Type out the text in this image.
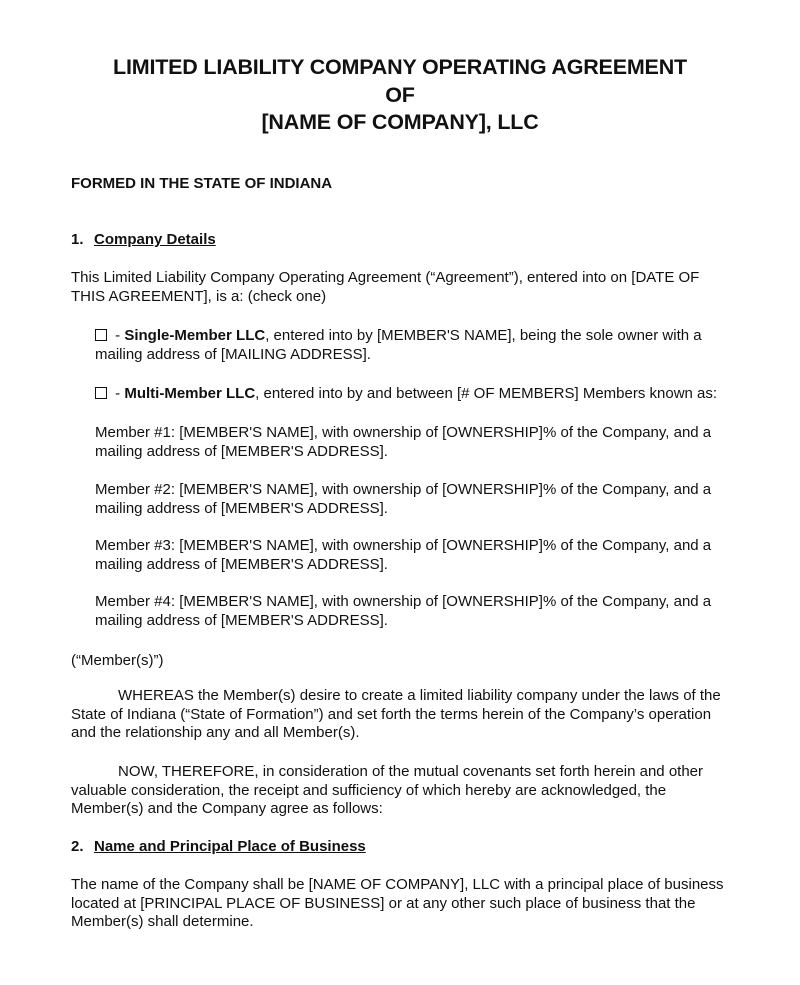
LIMITED LIABILITY COMPANY OPERATING AGREEMENT
OF
[NAME OF COMPANY], LLC
FORMED IN THE STATE OF INDIANA
1. Company Details

This Limited Liability Company Operating Agreement (“Agreement”), entered into on [DATE OF THIS AGREEMENT], is a: (check one)

- Single-Member LLC, entered into by [MEMBER'S NAME], being the sole owner with a mailing address of [MAILING ADDRESS].

- Multi-Member LLC, entered into by and between [# OF MEMBERS] Members known as:

Member #1: [MEMBER'S NAME], with ownership of [OWNERSHIP]% of the Company, and a mailing address of [MEMBER'S ADDRESS].

Member #2: [MEMBER'S NAME], with ownership of [OWNERSHIP]% of the Company, and a mailing address of [MEMBER'S ADDRESS].

Member #3: [MEMBER'S NAME], with ownership of [OWNERSHIP]% of the Company, and a mailing address of [MEMBER'S ADDRESS].

Member #4: [MEMBER'S NAME], with ownership of [OWNERSHIP]% of the Company, and a mailing address of [MEMBER'S ADDRESS].

(“Member(s)”)

WHEREAS the Member(s) desire to create a limited liability company under the laws of the State of Indiana (“State of Formation”) and set forth the terms herein of the Company’s operation and the relationship any and all Member(s).

NOW, THEREFORE, in consideration of the mutual covenants set forth herein and other valuable consideration, the receipt and sufficiency of which hereby are acknowledged, the Member(s) and the Company agree as follows:

2. Name and Principal Place of Business

The name of the Company shall be [NAME OF COMPANY], LLC with a principal place of business located at [PRINCIPAL PLACE OF BUSINESS] or at any other such place of business that the Member(s) shall determine.
